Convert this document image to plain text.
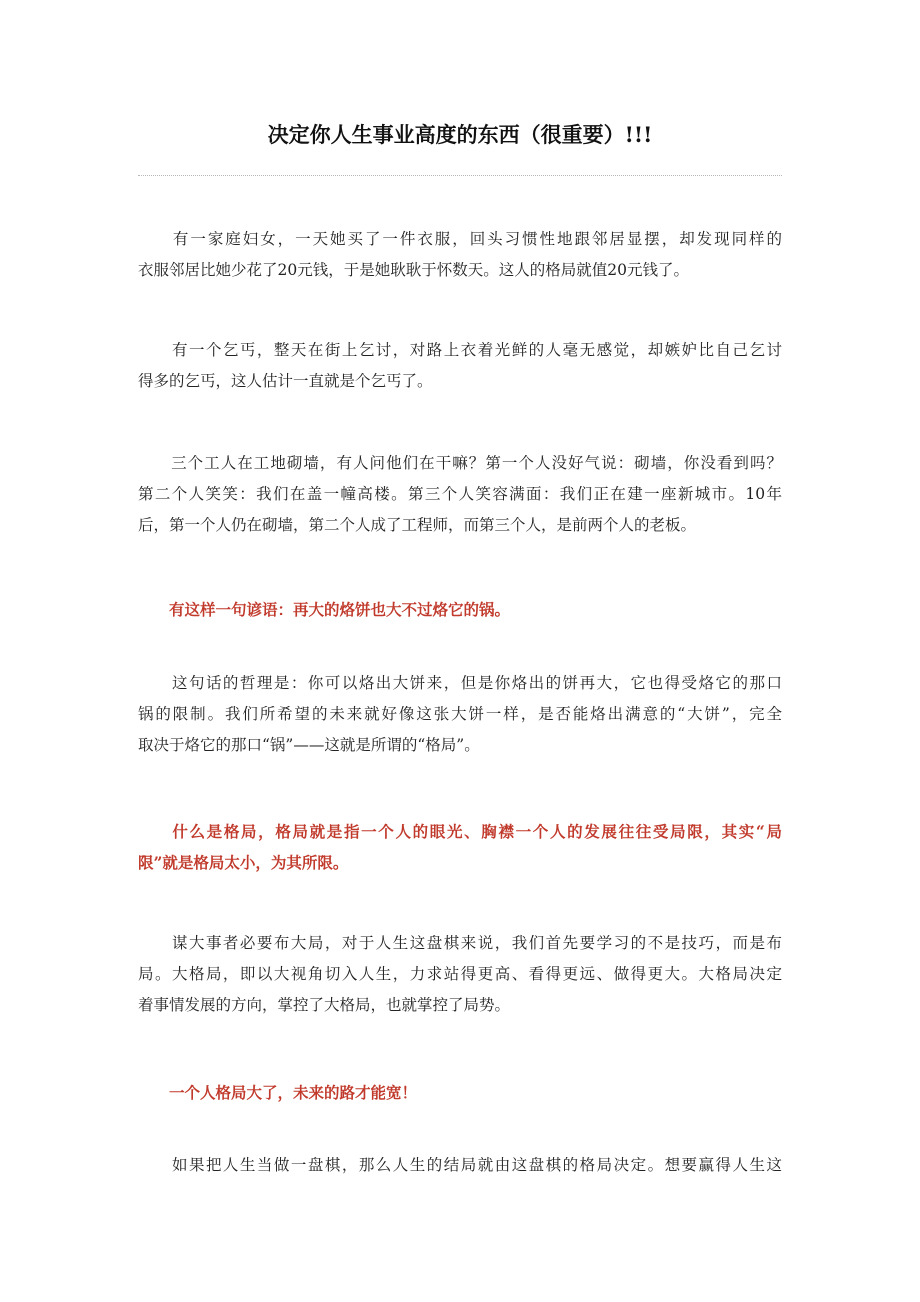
决定你人生事业高度的东西（很重要）!!!
　　有一家庭妇女，一天她买了一件衣服，回头习惯性地跟邻居显摆，却发现同样的
衣服邻居比她少花了20元钱，于是她耿耿于怀数天。这人的格局就值20元钱了。
　　有一个乞丐，整天在街上乞讨，对路上衣着光鲜的人毫无感觉，却嫉妒比自己乞讨
得多的乞丐，这人估计一直就是个乞丐了。
　　三个工人在工地砌墙，有人问他们在干嘛？第一个人没好气说：砌墙，你没看到吗？
第二个人笑笑：我们在盖一幢高楼。第三个人笑容满面：我们正在建一座新城市。10年
后，第一个人仍在砌墙，第二个人成了工程师，而第三个人，是前两个人的老板。
　　有这样一句谚语：再大的烙饼也大不过烙它的锅。
　　这句话的哲理是：你可以烙出大饼来，但是你烙出的饼再大，它也得受烙它的那口
锅的限制。我们所希望的未来就好像这张大饼一样，是否能烙出满意的“大饼”，完全
取决于烙它的那口“锅”——这就是所谓的“格局”。
　　什么是格局，格局就是指一个人的眼光、胸襟一个人的发展往往受局限，其实“局
限”就是格局太小，为其所限。
　　谋大事者必要布大局，对于人生这盘棋来说，我们首先要学习的不是技巧，而是布
局。大格局，即以大视角切入人生，力求站得更高、看得更远、做得更大。大格局决定
着事情发展的方向，掌控了大格局，也就掌控了局势。
　　一个人格局大了，未来的路才能宽！
　　如果把人生当做一盘棋，那么人生的结局就由这盘棋的格局决定。想要赢得人生这
